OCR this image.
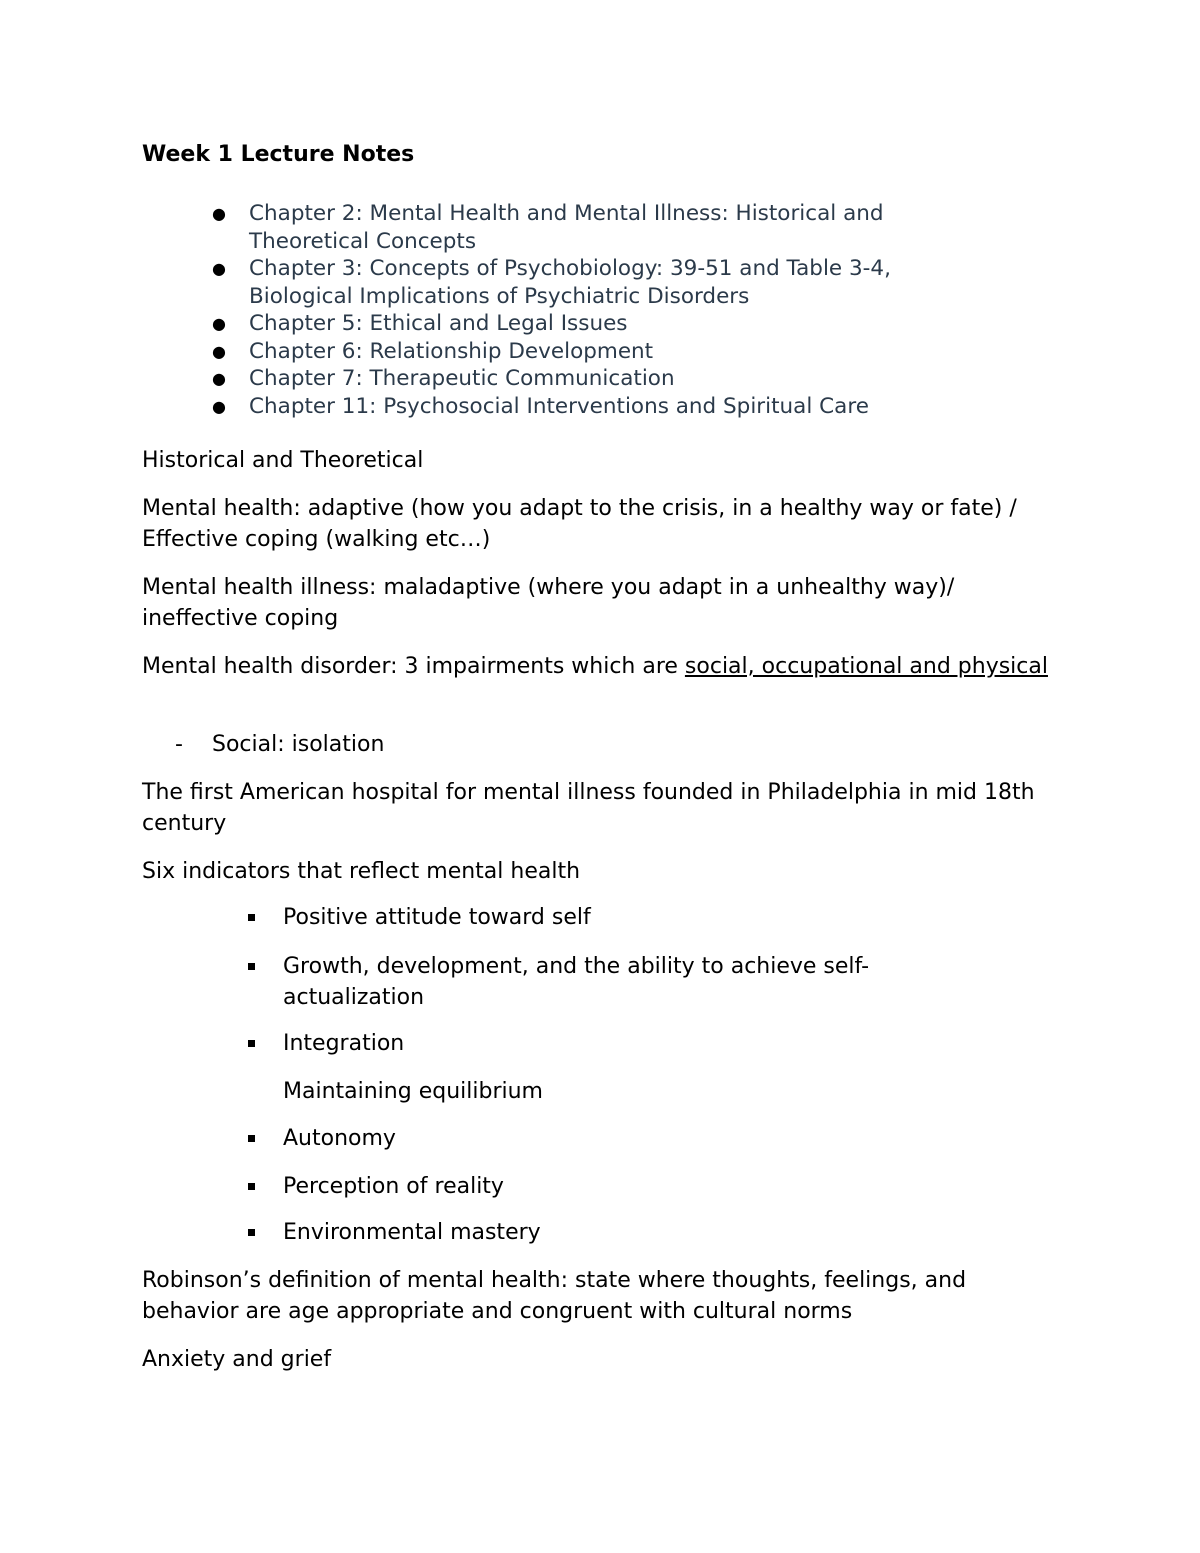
Week 1 Lecture Notes
● Chapter 2: Mental Health and Mental Illness: Historical and Theoretical Concepts
● Chapter 3: Concepts of Psychobiology: 39-51 and Table 3-4, Biological Implications of Psychiatric Disorders
● Chapter 5: Ethical and Legal Issues
● Chapter 6: Relationship Development
● Chapter 7: Therapeutic Communication
● Chapter 11: Psychosocial Interventions and Spiritual Care
Historical and Theoretical
Mental health: adaptive (how you adapt to the crisis, in a healthy way or fate) / Effective coping (walking etc…)
Mental health illness: maladaptive (where you adapt in a unhealthy way)/ ineffective coping
Mental health disorder: 3 impairments which are social, occupational and physical
- Social: isolation
The first American hospital for mental illness founded in Philadelphia in mid 18th century
Six indicators that reflect mental health
Positive attitude toward self
Growth, development, and the ability to achieve self-actualization
Integration
Maintaining equilibrium
Autonomy
Perception of reality
Environmental mastery
Robinson’s definition of mental health: state where thoughts, feelings, and behavior are age appropriate and congruent with cultural norms
Anxiety and grief
